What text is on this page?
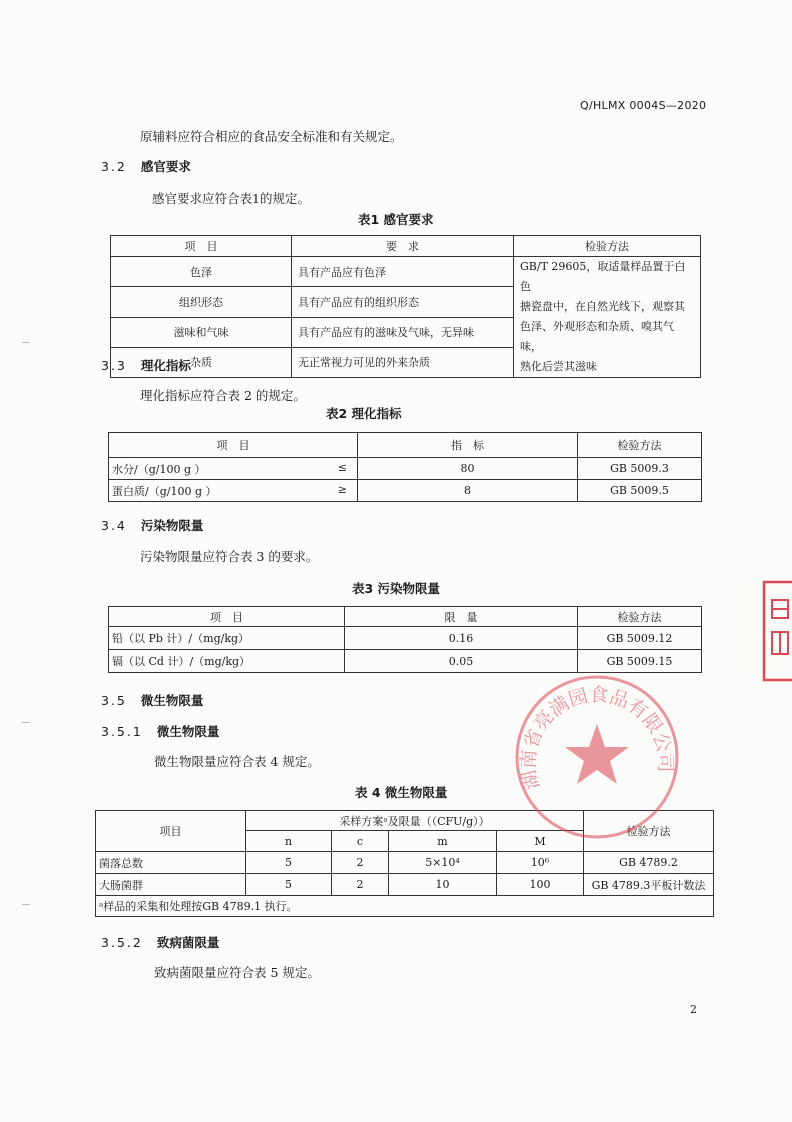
Q/HLMX 0004S—2020
原辅料应符合相应的食品安全标准和有关规定。
3.2 感官要求
感官要求应符合表1的规定。
表1 感官要求
项　目	要　求	检验方法
色泽	具有产品应有色泽	GB/T 29605，取适量样品置于白色
搪瓷盘中，在自然光线下，观察其
色泽、外观形态和杂质、嗅其气味，
熟化后尝其滋味

组织形态	具有产品应有的组织形态	
滋味和气味	具有产品应有的滋味及气味，无异味	
杂质	无正常视力可见的外来杂质	
3.3 理化指标
理化指标应符合表 2 的规定。
表2 理化指标
项　目	指　标	检验方法
水分/（g/100 g ） ≤	80	GB 5009.3
蛋白质/（g/100 g ） ≥	8	GB 5009.5
3.4 污染物限量
污染物限量应符合表 3 的要求。
表3 污染物限量
项　目	限　量	检验方法
铅（以 Pb 计）/（mg/kg）	0.16	GB 5009.12
镉（以 Cd 计）/（mg/kg）	0.05	GB 5009.15
3.5 微生物限量
3.5.1 微生物限量
微生物限量应符合表 4 规定。
表 4 微生物限量
项目	采样方案ᵃ及限量（（CFU/g））				检验方法
	n	c	m	M	
菌落总数	5	2	5×10⁴	10⁶	GB 4789.2
大肠菌群	5	2	10	100	GB 4789.3平板计数法
ᵃ样品的采集和处理按GB 4789.1 执行。					
3.5.2 致病菌限量
致病菌限量应符合表 5 规定。
2
湖南省亮满园食品有限公司
